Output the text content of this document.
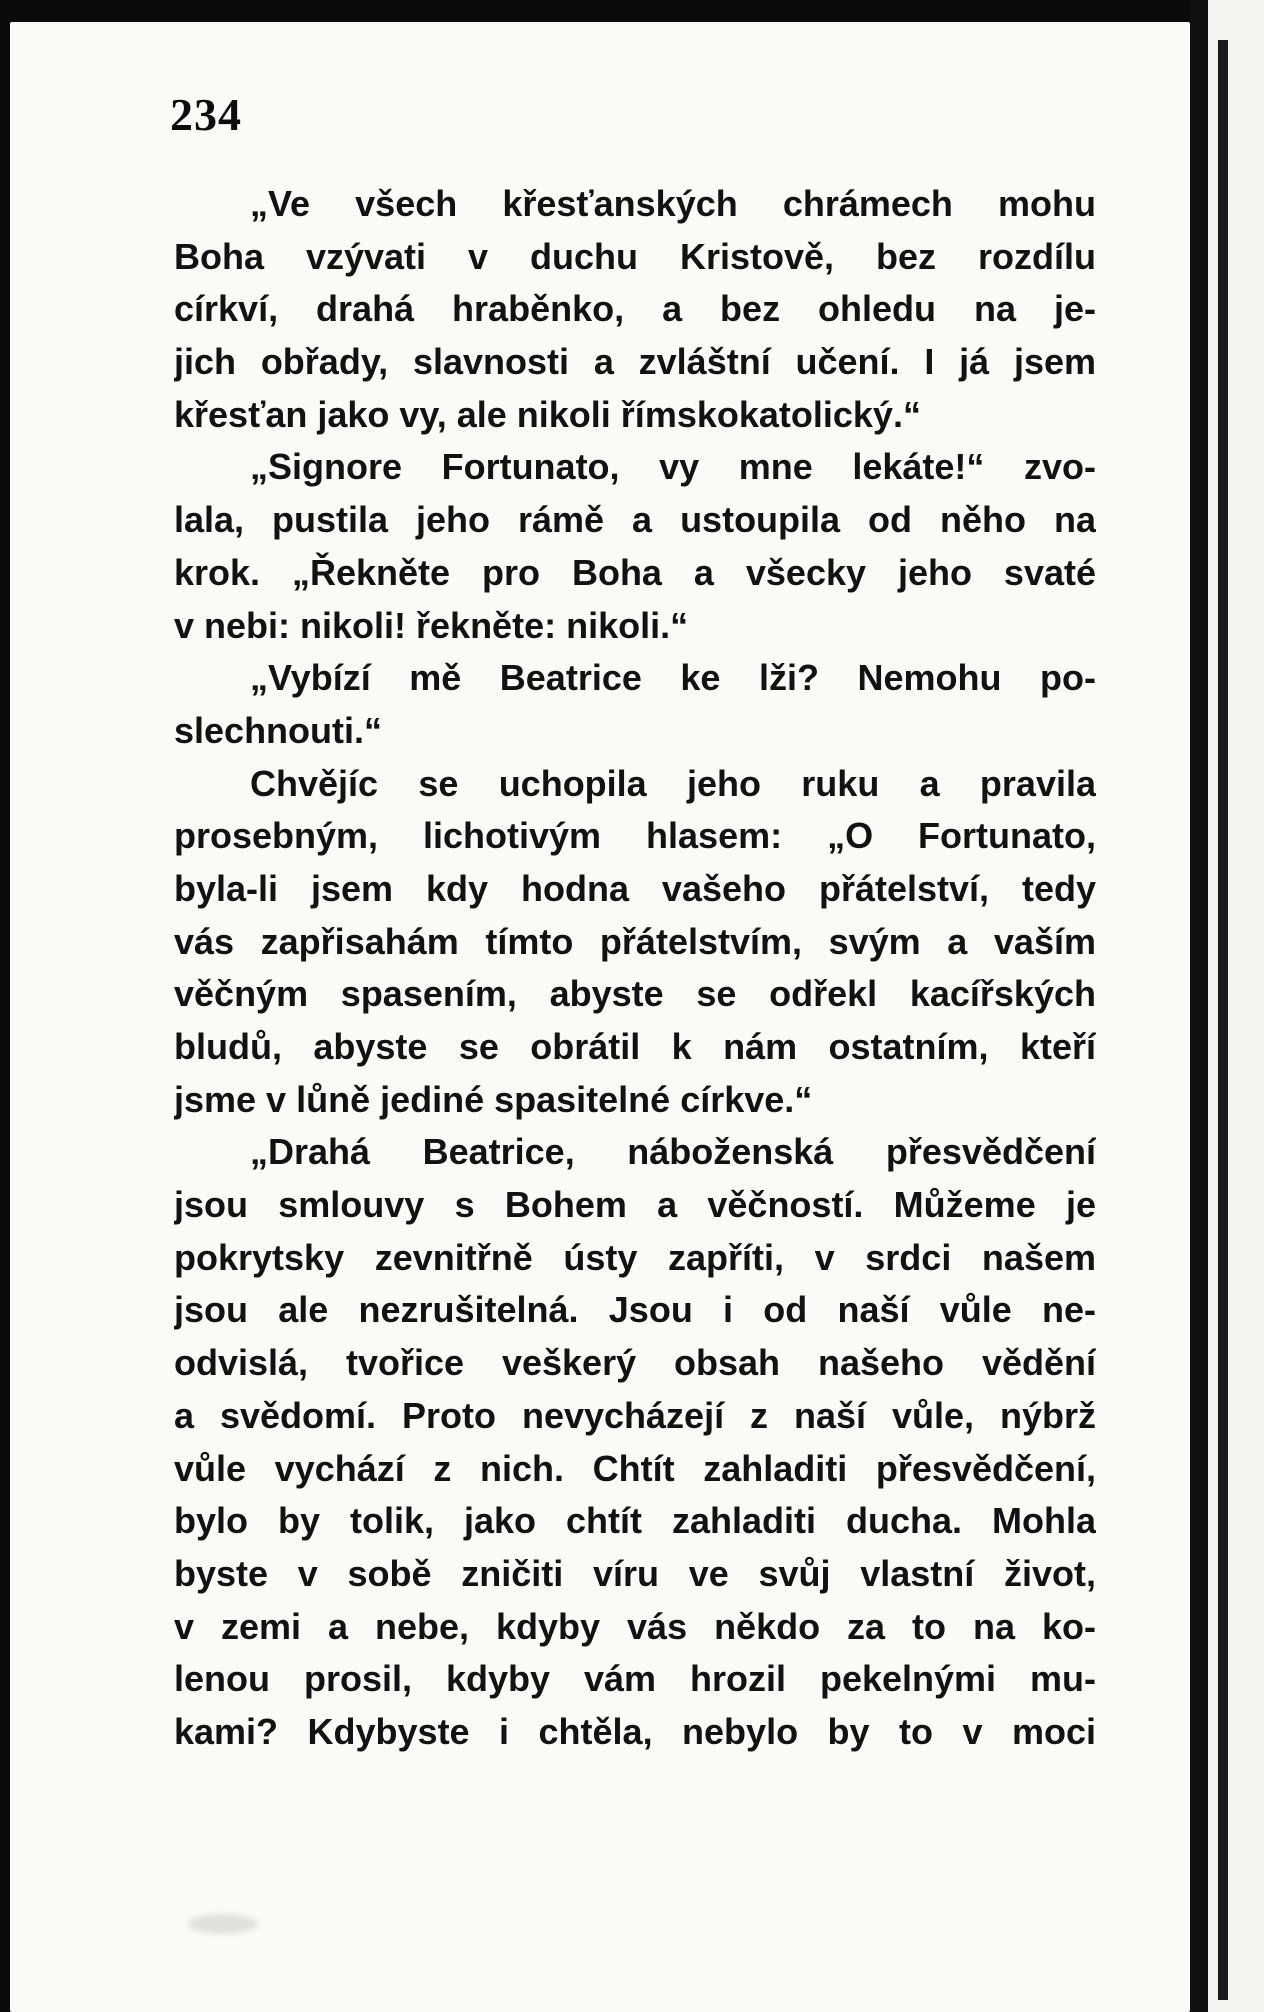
234
„Ve všech křesťanských chrámech mohu
Boha vzývati v duchu Kristově, bez rozdílu
církví, drahá hraběnko, a bez ohledu na je-
jich obřady, slavnosti a zvláštní učení. I já jsem
křesťan jako vy, ale nikoli římskokatolický.“
„Signore Fortunato, vy mne lekáte!“ zvo-
lala, pustila jeho rámě a ustoupila od něho na
krok. „Řekněte pro Boha a všecky jeho svaté
v nebi: nikoli! řekněte: nikoli.“
„Vybízí mě Beatrice ke lži? Nemohu po-
slechnouti.“
Chvějíc se uchopila jeho ruku a pravila
prosebným, lichotivým hlasem: „O Fortunato,
byla-li jsem kdy hodna vašeho přátelství, tedy
vás zapřisahám tímto přátelstvím, svým a vaším
věčným spasením, abyste se odřekl kacířských
bludů, abyste se obrátil k nám ostatním, kteří
jsme v lůně jediné spasitelné církve.“
„Drahá Beatrice, náboženská přesvědčení
jsou smlouvy s Bohem a věčností. Můžeme je
pokrytsky zevnitřně ústy zapříti, v srdci našem
jsou ale nezrušitelná. Jsou i od naší vůle ne-
odvislá, tvořice veškerý obsah našeho vědění
a svědomí. Proto nevycházejí z naší vůle, nýbrž
vůle vychází z nich. Chtít zahladiti přesvědčení,
bylo by tolik, jako chtít zahladiti ducha. Mohla
byste v sobě zničiti víru ve svůj vlastní život,
v zemi a nebe, kdyby vás někdo za to na ko-
lenou prosil, kdyby vám hrozil pekelnými mu-
kami? Kdybyste i chtěla, nebylo by to v moci
